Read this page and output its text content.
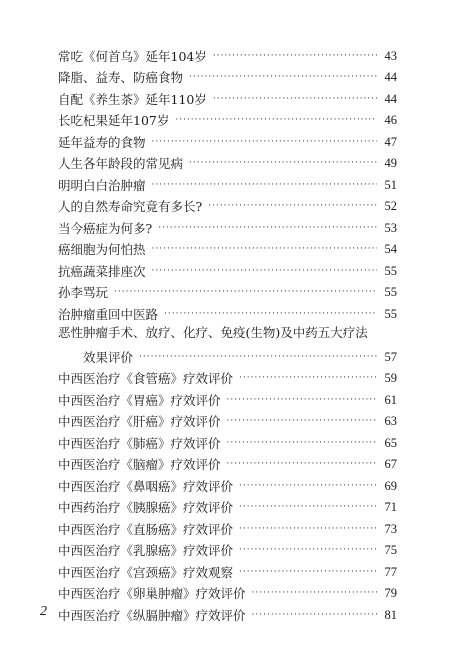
常吃《何首乌》延年104岁 ·····	43
降脂、益寿、防癌食物 ·····	44
自配《养生茶》延年110岁 ·····	44
长吃杞果延年107岁 ·····	46
延年益寿的食物 ·····	47
人生各年龄段的常见病 ·····	49
明明白白治肿瘤 ·····	51
人的自然寿命究竟有多长? ·····	52
当今癌症为何多? ·····	53
癌细胞为何怕热 ·····	54
抗癌蔬菜排座次 ·····	55
孙李骂玩 ·····	55
治肿瘤重回中医路 ·····	55
恶性肿瘤手术、放疗、化疗、免疫(生物)及中药五大疗法
效果评价 ·····	57
中西医治疗《食管癌》疗效评价 ·····	59
中西医治疗《胃癌》疗效评价 ·····	61
中西医治疗《肝癌》疗效评价 ·····	63
中西医治疗《肺癌》疗效评价 ·····	65
中西医治疗《脑瘤》疗效评价 ·····	67
中西医治疗《鼻咽癌》疗效评价 ·····	69
中西药治疗《胰腺癌》疗效评价 ·····	71
中西医治疗《直肠癌》疗效评价 ·····	73
中西医治疗《乳腺癌》疗效评价 ·····	75
中西医治疗《宫颈癌》疗效观察 ·····	77
中西医治疗《卵巢肿瘤》疗效评价 ·····	79
中西医治疗《纵膈肿瘤》疗效评价 ·····	81
2
